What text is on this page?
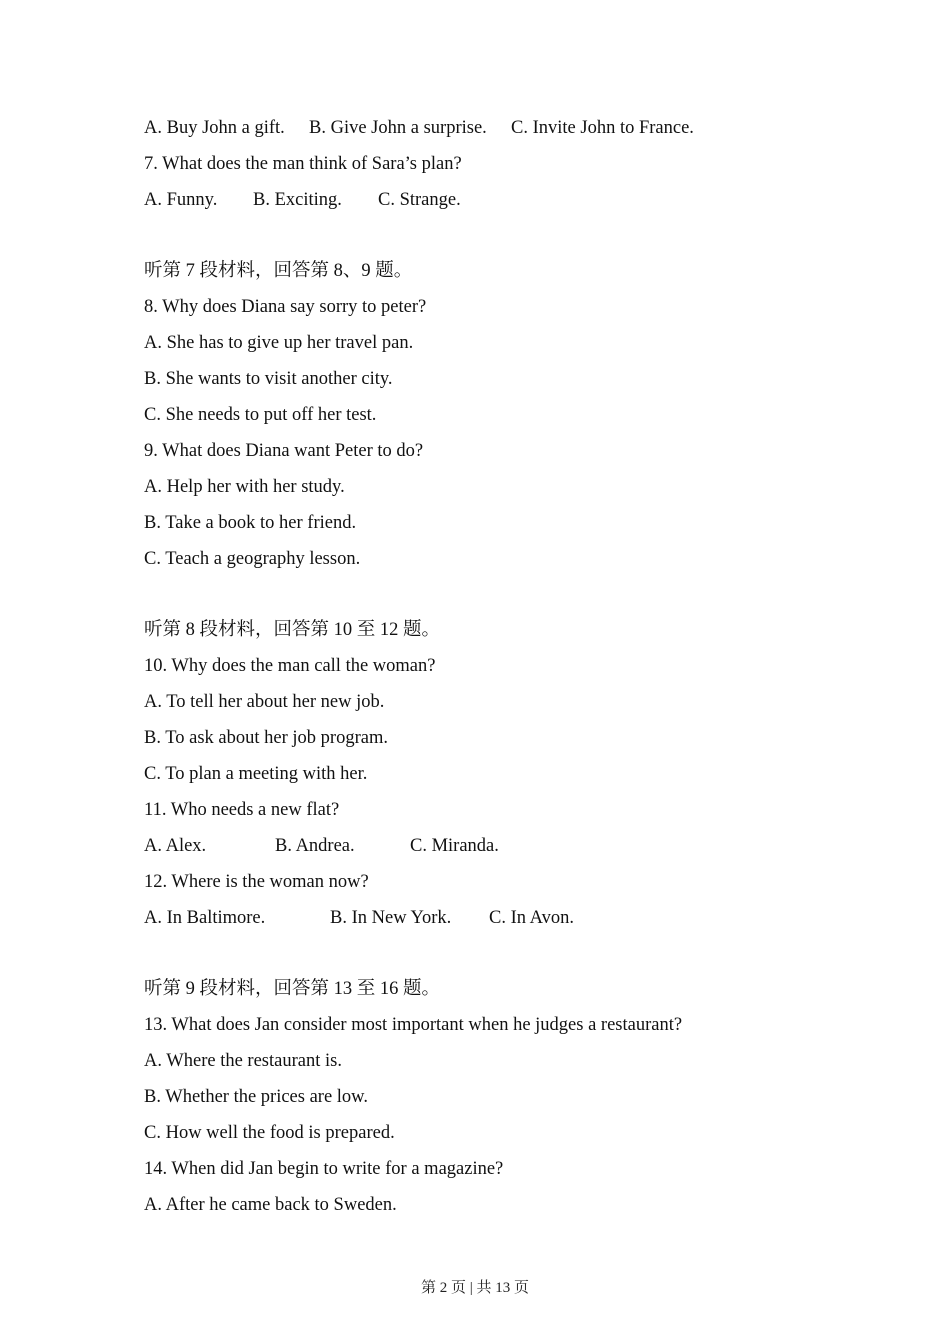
A. Buy John a gift. B. Give John a surprise. C. Invite John to France.
7. What does the man think of Sara’s plan?
A. Funny. B. Exciting. C. Strange.
听第 7 段材料，回答第 8、9 题。
8. Why does Diana say sorry to peter?
A. She has to give up her travel pan.
B. She wants to visit another city.
C. She needs to put off her test.
9. What does Diana want Peter to do?
A. Help her with her study.
B. Take a book to her friend.
C. Teach a geography lesson.
听第 8 段材料，回答第 10 至 12 题。
10. Why does the man call the woman?
A. To tell her about her new job.
B. To ask about her job program.
C. To plan a meeting with her.
11. Who needs a new flat?
A. Alex.	B. Andrea.	C. Miranda.
12. Where is the woman now?
A. In Baltimore.	B. In New York. C. In Avon.
听第 9 段材料，回答第 13 至 16 题。
13. What does Jan consider most important when he judges a restaurant?
A. Where the restaurant is.
B. Whether the prices are low.
C. How well the food is prepared.
14. When did Jan begin to write for a magazine?
A. After he came back to Sweden.
第 2 页 | 共 13 页
